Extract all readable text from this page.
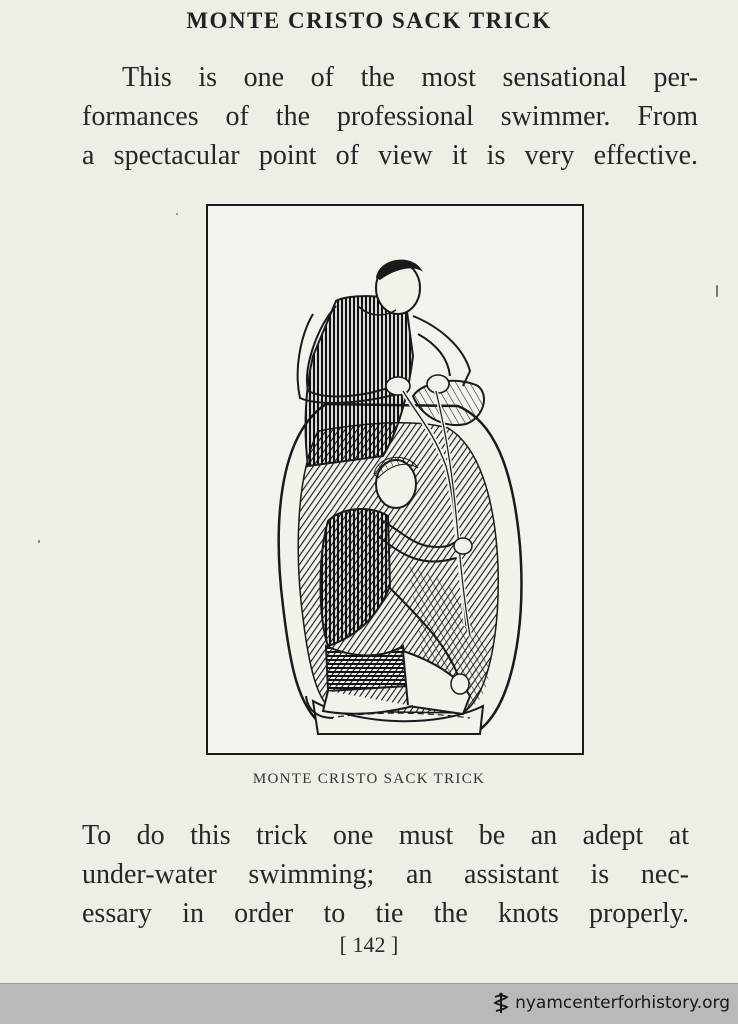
MONTE CRISTO SACK TRICK
This is one of the most sensational per-
formances of the professional swimmer. From
a spectacular point of view it is very effective.
MONTE CRISTO SACK TRICK
To do this trick one must be an adept at
under-water swimming; an assistant is nec-
essary in order to tie the knots properly.
[ 142 ]
nyamcenterforhistory.org
